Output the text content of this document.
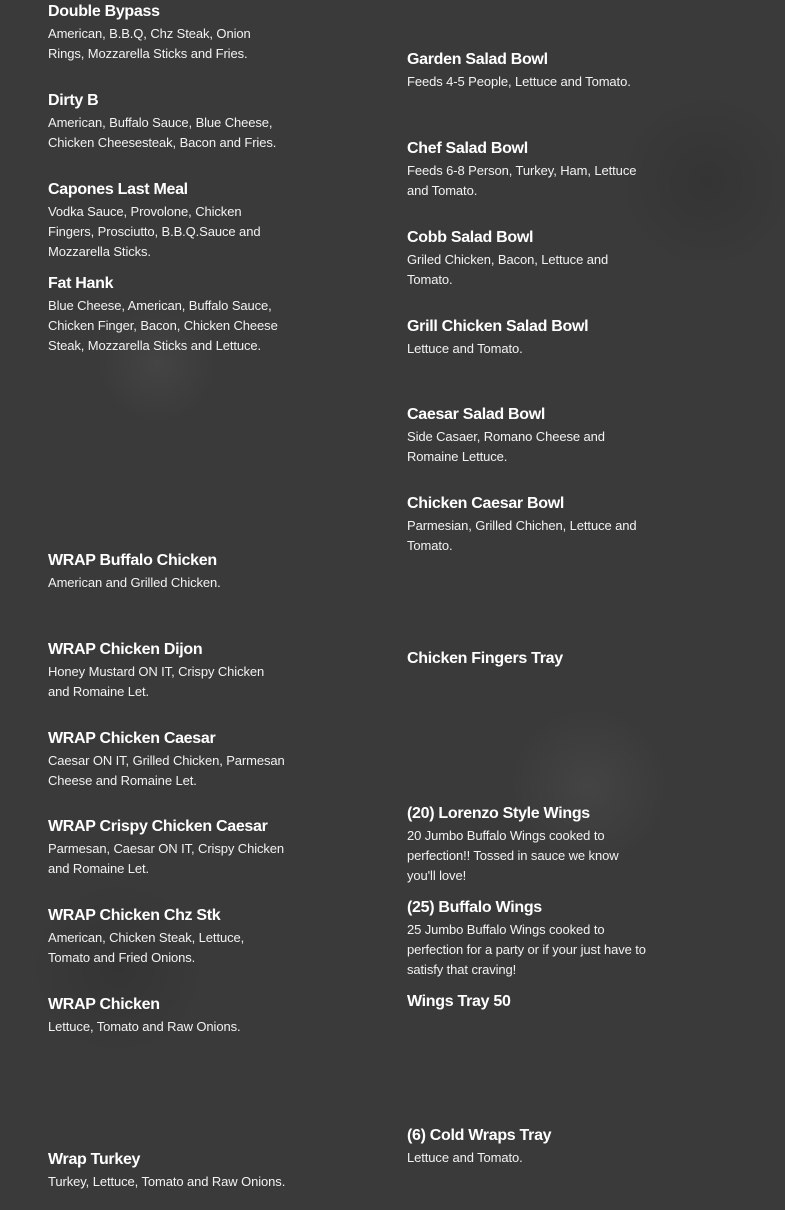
Double Bypass
American, B.B.Q, Chz Steak, Onion Rings, Mozzarella Sticks and Fries.
Dirty B
American, Buffalo Sauce, Blue Cheese, Chicken Cheesesteak, Bacon and Fries.
Capones Last Meal
Vodka Sauce, Provolone, Chicken Fingers, Prosciutto, B.B.Q.Sauce and Mozzarella Sticks.
Fat Hank
Blue Cheese, American, Buffalo Sauce, Chicken Finger, Bacon, Chicken Cheese Steak, Mozzarella Sticks and Lettuce.
WRAP Buffalo Chicken
American and Grilled Chicken.
WRAP Chicken Dijon
Honey Mustard ON IT, Crispy Chicken and Romaine Let.
WRAP Chicken Caesar
Caesar ON IT, Grilled Chicken, Parmesan Cheese and Romaine Let.
WRAP Crispy Chicken Caesar
Parmesan, Caesar ON IT, Crispy Chicken and Romaine Let.
WRAP Chicken Chz Stk
American, Chicken Steak, Lettuce, Tomato and Fried Onions.
WRAP Chicken
Lettuce, Tomato and Raw Onions.
Wrap Turkey
Turkey, Lettuce, Tomato and Raw Onions.
Garden Salad Bowl
Feeds 4-5 People, Lettuce and Tomato.
Chef Salad Bowl
Feeds 6-8 Person, Turkey, Ham, Lettuce and Tomato.
Cobb Salad Bowl
Griled Chicken, Bacon, Lettuce and Tomato.
Grill Chicken Salad Bowl
Lettuce and Tomato.
Caesar Salad Bowl
Side Casaer, Romano Cheese and Romaine Lettuce.
Chicken Caesar Bowl
Parmesian, Grilled Chichen, Lettuce and Tomato.
Chicken Fingers Tray
(20) Lorenzo Style Wings
20 Jumbo Buffalo Wings cooked to perfection!! Tossed in sauce we know you'll love!
(25) Buffalo Wings
25 Jumbo Buffalo Wings cooked to perfection for a party or if your just have to satisfy that craving!
Wings Tray 50
(6) Cold Wraps Tray
Lettuce and Tomato.
